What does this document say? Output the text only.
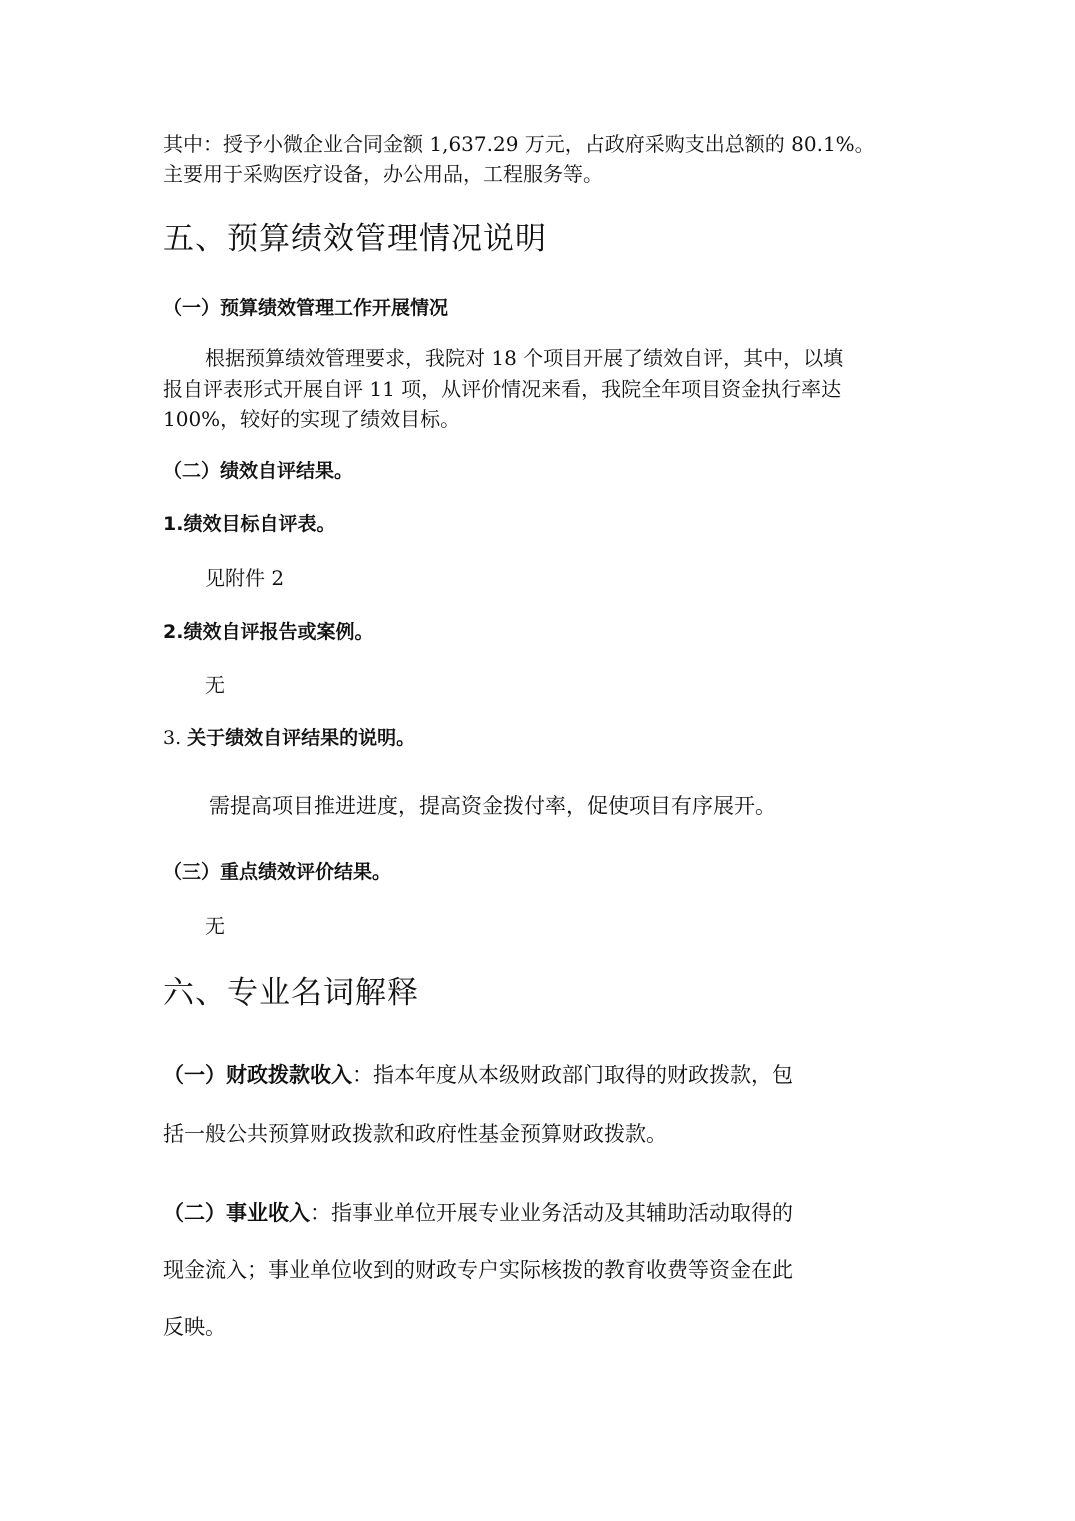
其中：授予小微企业合同金额 1,637.29 万元，占政府采购支出总额的 80.1%。
主要用于采购医疗设备，办公用品，工程服务等。
五、预算绩效管理情况说明
（一）预算绩效管理工作开展情况
根据预算绩效管理要求，我院对 18 个项目开展了绩效自评，其中，以填
报自评表形式开展自评 11 项，从评价情况来看，我院全年项目资金执行率达
100%，较好的实现了绩效目标。
（二）绩效自评结果。
1.绩效目标自评表。
见附件 2
2.绩效自评报告或案例。
无
3. 关于绩效自评结果的说明。
需提高项目推进进度，提高资金拨付率，促使项目有序展开。
（三）重点绩效评价结果。
无
六、专业名词解释
（一）财政拨款收入：指本年度从本级财政部门取得的财政拨款，包
括一般公共预算财政拨款和政府性基金预算财政拨款。
（二）事业收入：指事业单位开展专业业务活动及其辅助活动取得的
现金流入；事业单位收到的财政专户实际核拨的教育收费等资金在此
反映。
